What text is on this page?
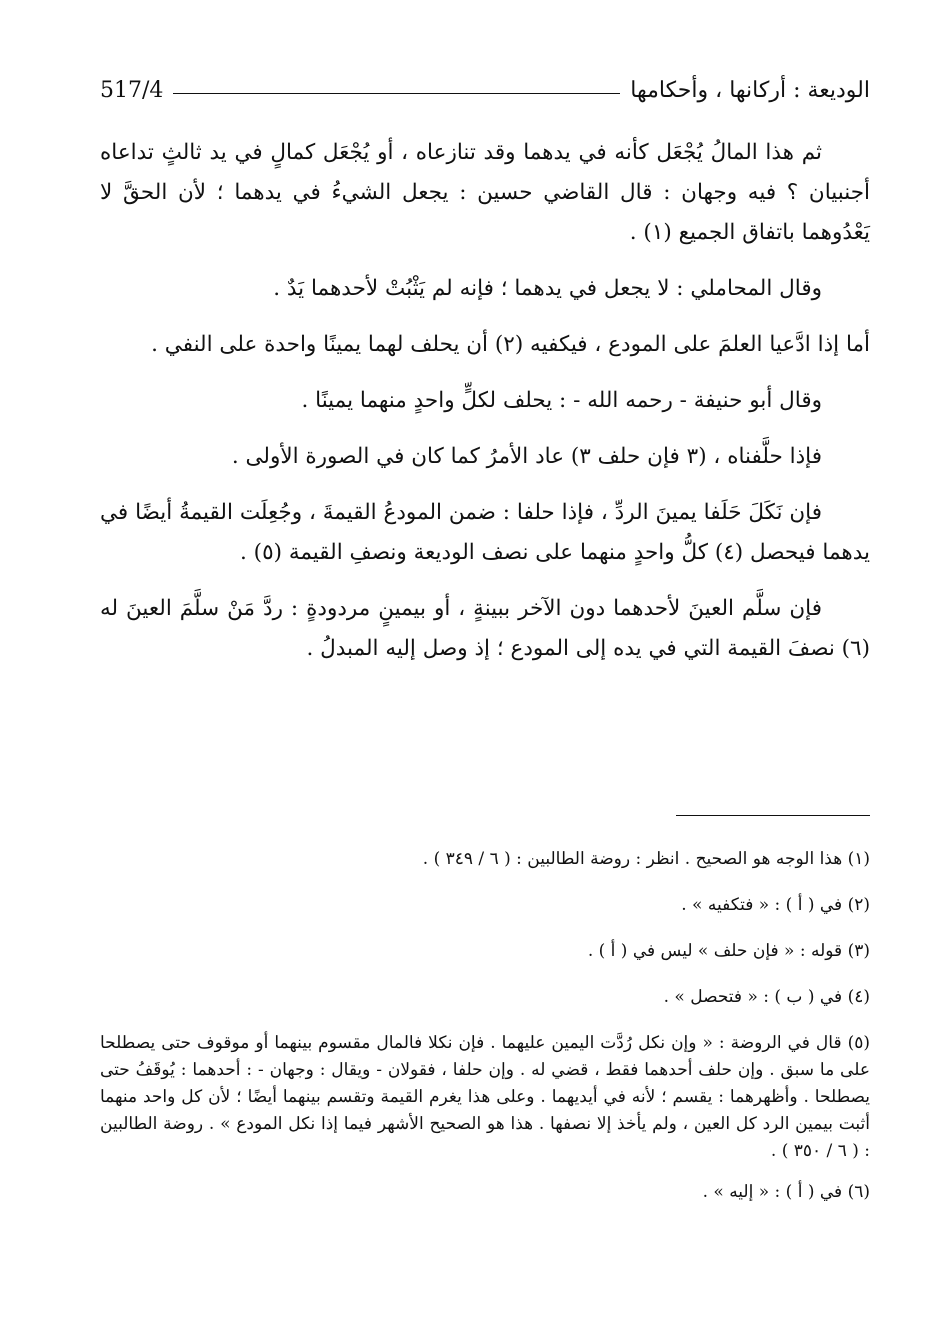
الوديعة : أركانها ، وأحكامها
517/4

ثم هذا المالُ يُجْعَل كأنه في يدهما وقد تنازعاه ، أو يُجْعَل كمالٍ في يد ثالثٍ تداعاه أجنبيان ؟ فيه وجهان : قال القاضي حسين : يجعل الشيءُ في يدهما ؛ لأن الحقَّ لا يَعْدُوهما باتفاق الجميع (١) .

وقال المحاملي : لا يجعل في يدهما ؛ فإنه لم يَثْبُتْ لأحدهما يَدٌ .

أما إذا ادَّعيا العلمَ على المودع ، فيكفيه (٢) أن يحلف لهما يمينًا واحدة على النفي .

وقال أبو حنيفة - رحمه الله - : يحلف لكلٍّ واحدٍ منهما يمينًا .

فإذا حلَّفناه ، (٣ فإن حلف ٣) عاد الأمرُ كما كان في الصورة الأولى .

فإن نَكَلَ حَلَفا يمينَ الردِّ ، فإذا حلفا : ضمن المودعُ القيمةَ ، وجُعِلَت القيمةُ أيضًا في يدهما فيحصل (٤) كلُّ واحدٍ منهما على نصف الوديعة ونصفِ القيمة (٥) .

فإن سلَّم العينَ لأحدهما دون الآخر ببينةٍ ، أو بيمينٍ مردودةٍ : ردَّ مَنْ سلَّمَ العينَ له (٦) نصفَ القيمة التي في يده إلى المودع ؛ إذ وصل إليه المبدلُ .

(١) هذا الوجه هو الصحيح . انظر : روضة الطالبين : ( ٦ / ٣٤٩ ) .

(٢) في ( أ ) : « فتكفيه » .

(٣) قوله : « فإن حلف » ليس في ( أ ) .

(٤) في ( ب ) : « فتحصل » .

(٥) قال في الروضة : « وإن نكل رُدَّت اليمين عليهما . فإن نكلا فالمال مقسوم بينهما أو موقوف حتى يصطلحا على ما سبق . وإن حلف أحدهما فقط ، قضي له . وإن حلفا ، فقولان - ويقال : وجهان - : أحدهما : يُوقَفُ حتى يصطلحا . وأظهرهما : يقسم ؛ لأنه في أيديهما . وعلى هذا يغرم القيمة وتقسم بينهما أيضًا ؛ لأن كل واحد منهما أثبت بيمين الرد كل العين ، ولم يأخذ إلا نصفها . هذا هو الصحيح الأشهر فيما إذا نكل المودع » . روضة الطالبين : ( ٦ / ٣٥٠ ) .

(٦) في ( أ ) : « إليه » .
